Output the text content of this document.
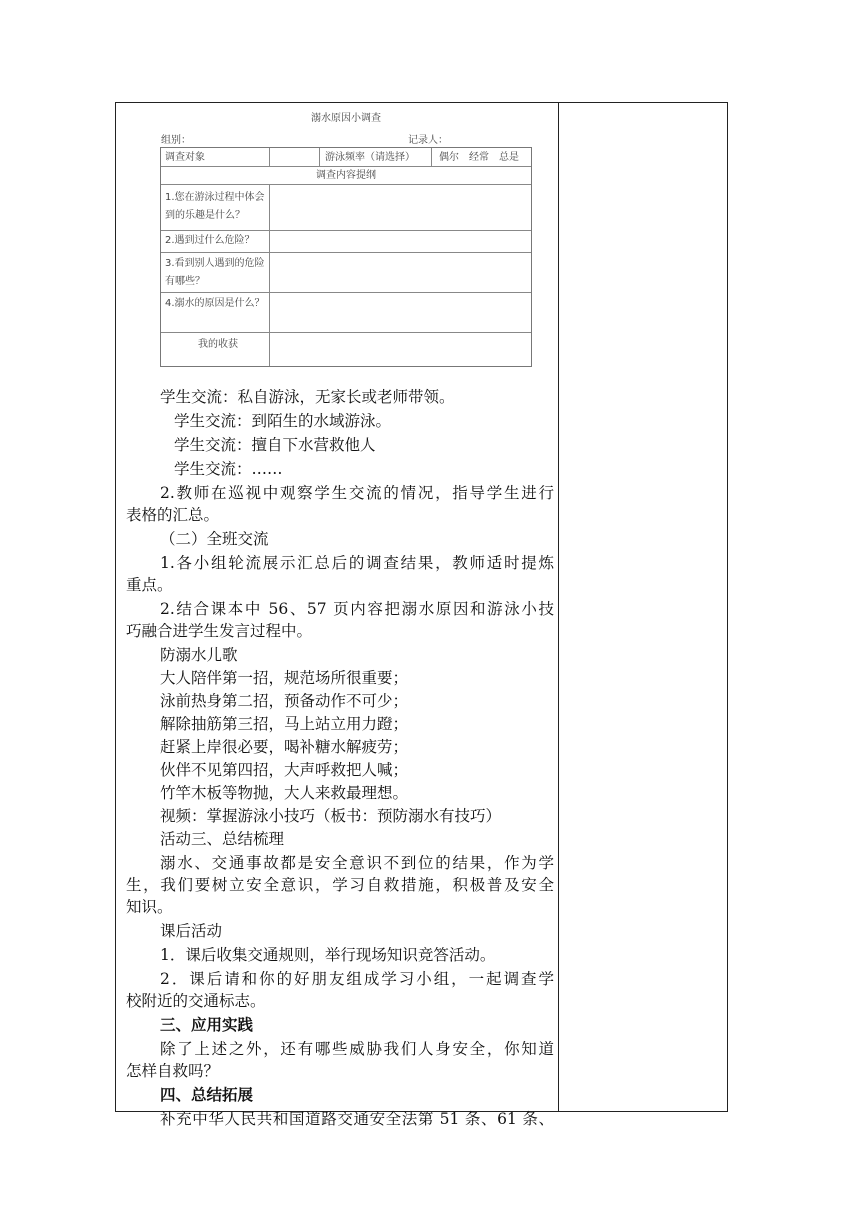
溺水原因小调查
组别：	记录人：
调查对象	游泳频率（请选择） 偶尔　经常　总是
调查内容提纲
1.您在游泳过程中体会到的乐趣是什么？
2.遇到过什么危险？
3.看到别人遇到的危险有哪些？
4.溺水的原因是什么？
我的收获
学生交流：私自游泳，无家长或老师带领。
学生交流：到陌生的水域游泳。
学生交流：擅自下水营救他人
学生交流：……
2.教师在巡视中观察学生交流的情况，指导学生进行
表格的汇总。
（二）全班交流
1.各小组轮流展示汇总后的调查结果，教师适时提炼
重点。
2.结合课本中 56、57 页内容把溺水原因和游泳小技
巧融合进学生发言过程中。
防溺水儿歌
大人陪伴第一招，规范场所很重要；
泳前热身第二招，预备动作不可少；
解除抽筋第三招，马上站立用力蹬；
赶紧上岸很必要，喝补糖水解疲劳；
伙伴不见第四招，大声呼救把人喊；
竹竿木板等物抛，大人来救最理想。
视频：掌握游泳小技巧（板书：预防溺水有技巧）
活动三、总结梳理
溺水、交通事故都是安全意识不到位的结果，作为学
生，我们要树立安全意识，学习自救措施，积极普及安全
知识。
课后活动
1．课后收集交通规则，举行现场知识竞答活动。
2．课后请和你的好朋友组成学习小组，一起调查学
校附近的交通标志。
三、应用实践
除了上述之外，还有哪些威胁我们人身安全，你知道
怎样自救吗？
四、总结拓展
补充中华人民共和国道路交通安全法第 51 条、61 条、
